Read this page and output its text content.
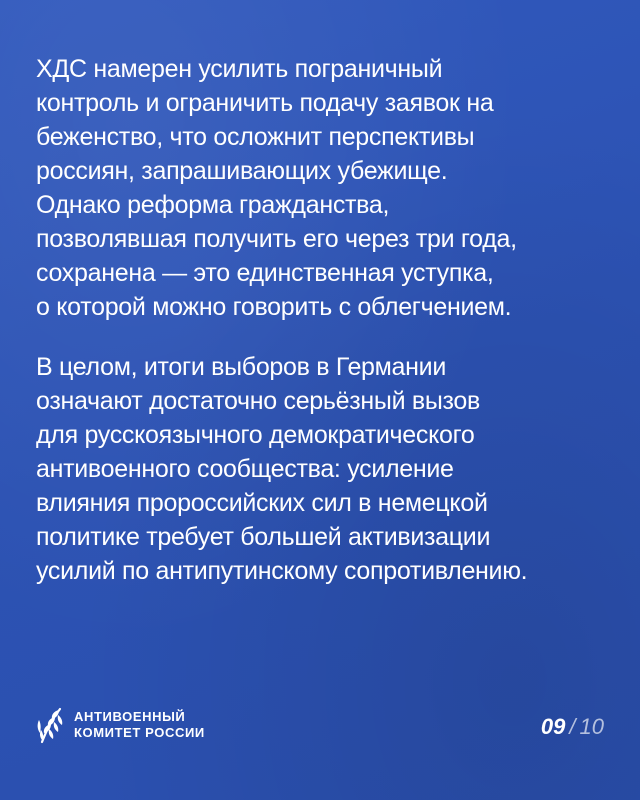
ХДС намерен усилить пограничный
контроль и ограничить подачу заявок на
беженство, что осложнит перспективы
россиян, запрашивающих убежище.
Однако реформа гражданства,
позволявшая получить его через три года,
сохранена — это единственная уступка,
о которой можно говорить с облегчением.

В целом, итоги выборов в Германии
означают достаточно серьёзный вызов
для русскоязычного демократического
антивоенного сообщества: усиление
влияния пророссийских сил в немецкой
политике требует большей активизации
усилий по антипутинскому сопротивлению.

АНТИВОЕННЫЙ
КОМИТЕТ РОССИИ	09 / 10
